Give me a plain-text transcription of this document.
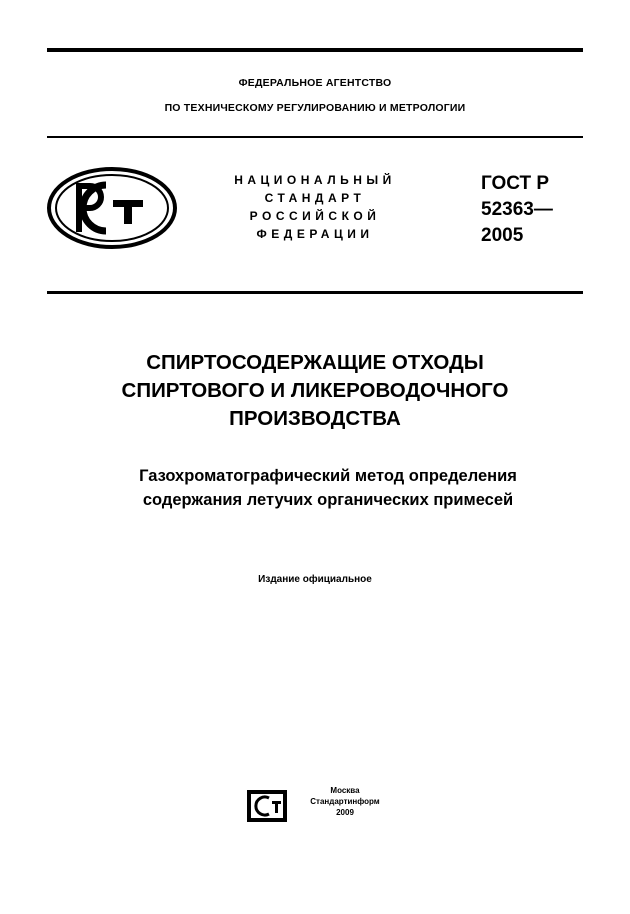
ФЕДЕРАЛЬНОЕ АГЕНТСТВО
ПО ТЕХНИЧЕСКОМУ РЕГУЛИРОВАНИЮ И МЕТРОЛОГИИ
НАЦИОНАЛЬНЫЙ
СТАНДАРТ
РОССИЙСКОЙ
ФЕДЕРАЦИИ
ГОСТ Р
52363—
2005
СПИРТОСОДЕРЖАЩИЕ ОТХОДЫ
СПИРТОВОГО И ЛИКЕРОВОДОЧНОГО
ПРОИЗВОДСТВА
Газохроматографический метод определения
содержания летучих органических примесей
Издание официальное
Москва
Стандартинформ
2009
